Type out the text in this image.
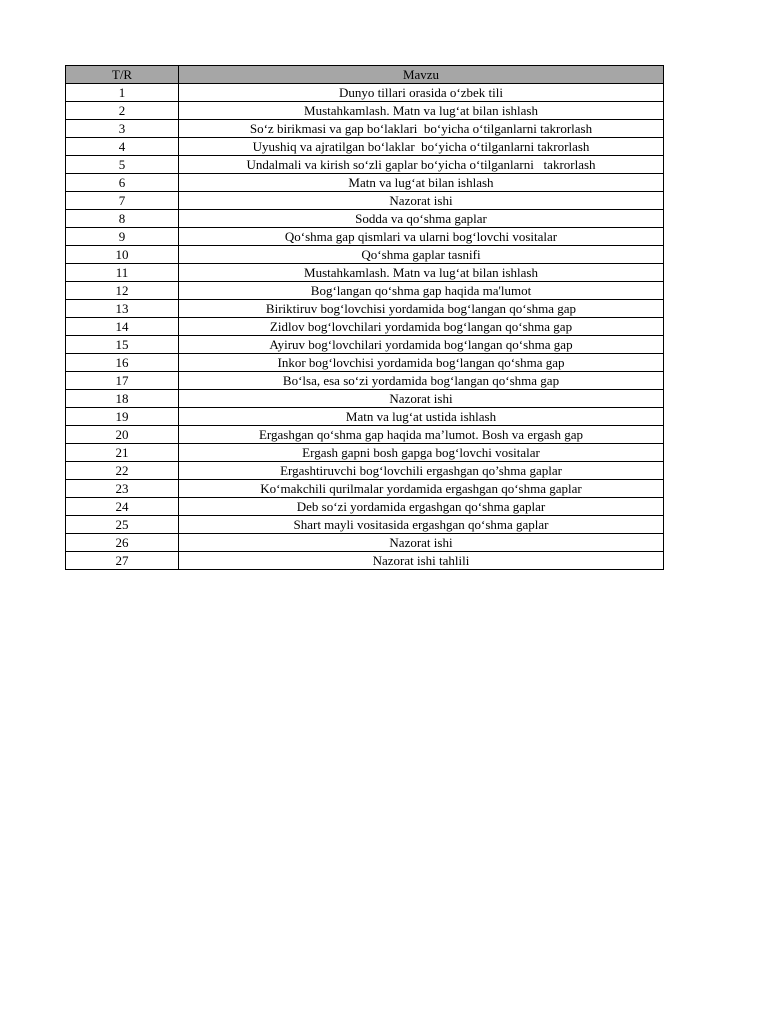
T/R	Mavzu
1	Dunyo tillari orasida o‘zbek tili
2	Mustahkamlash. Matn va lug‘at bilan ishlash
3	So‘z birikmasi va gap bo‘laklari  bo‘yicha o‘tilganlarni takrorlash
4	Uyushiq va ajratilgan bo‘laklar  bo‘yicha o‘tilganlarni takrorlash
5	Undalmali va kirish so‘zli gaplar bo‘yicha o‘tilganlarni   takrorlash
6	Matn va lug‘at bilan ishlash
7	Nazorat ishi
8	Sodda va qo‘shma gaplar
9	Qo‘shma gap qismlari va ularni bog‘lovchi vositalar
10	Qo‘shma gaplar tasnifi
11	Mustahkamlash. Matn va lug‘at bilan ishlash
12	Bog‘langan qo‘shma gap haqida ma'lumot
13	Biriktiruv bog‘lovchisi yordamida bog‘langan qo‘shma gap
14	Zidlov bog‘lovchilari yordamida bog‘langan qo‘shma gap
15	Ayiruv bog‘lovchilari yordamida bog‘langan qo‘shma gap
16	Inkor bog‘lovchisi yordamida bog‘langan qo‘shma gap
17	Bo‘lsa, esa so‘zi yordamida bog‘langan qo‘shma gap
18	Nazorat ishi
19	Matn va lug‘at ustida ishlash
20	Ergashgan qo‘shma gap haqida ma’lumot. Bosh va ergash gap
21	Ergash gapni bosh gapga bog‘lovchi vositalar
22	Ergashtiruvchi bog‘lovchili ergashgan qo’shma gaplar
23	Ko‘makchili qurilmalar yordamida ergashgan qo‘shma gaplar
24	Deb so‘zi yordamida ergashgan qo‘shma gaplar
25	Shart mayli vositasida ergashgan qo‘shma gaplar
26	Nazorat ishi
27	Nazorat ishi tahlili
